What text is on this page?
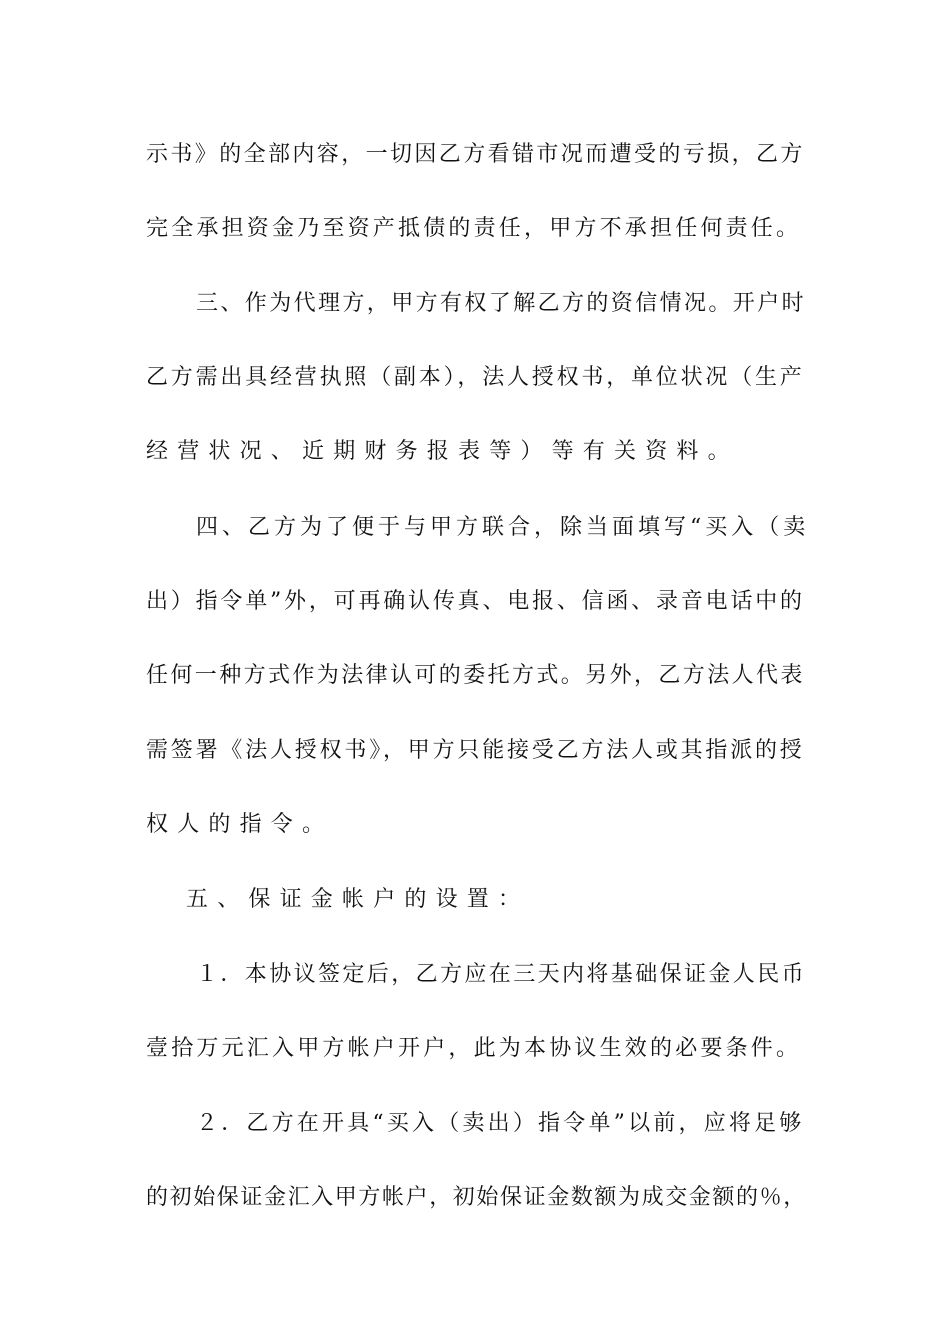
示书》的全部内容，一切因乙方看错市况而遭受的亏损，乙方
完全承担资金乃至资产抵债的责任，甲方不承担任何责任。
三、作为代理方，甲方有权了解乙方的资信情况。开户时
乙方需出具经营执照（副本），法人授权书，单位状况（生产
经营状况、近期财务报表等）等有关资料。
四、乙方为了便于与甲方联合，除当面填写“买入（卖
出）指令单”外，可再确认传真、电报、信函、录音电话中的
任何一种方式作为法律认可的委托方式。另外，乙方法人代表
需签署《法人授权书》，甲方只能接受乙方法人或其指派的授
权人的指令。
五、保证金帐户的设置：
１．本协议签定后，乙方应在三天内将基础保证金人民币
壹拾万元汇入甲方帐户开户，此为本协议生效的必要条件。
２．乙方在开具“买入（卖出）指令单”以前，应将足够
的初始保证金汇入甲方帐户，初始保证金数额为成交金额的％，
